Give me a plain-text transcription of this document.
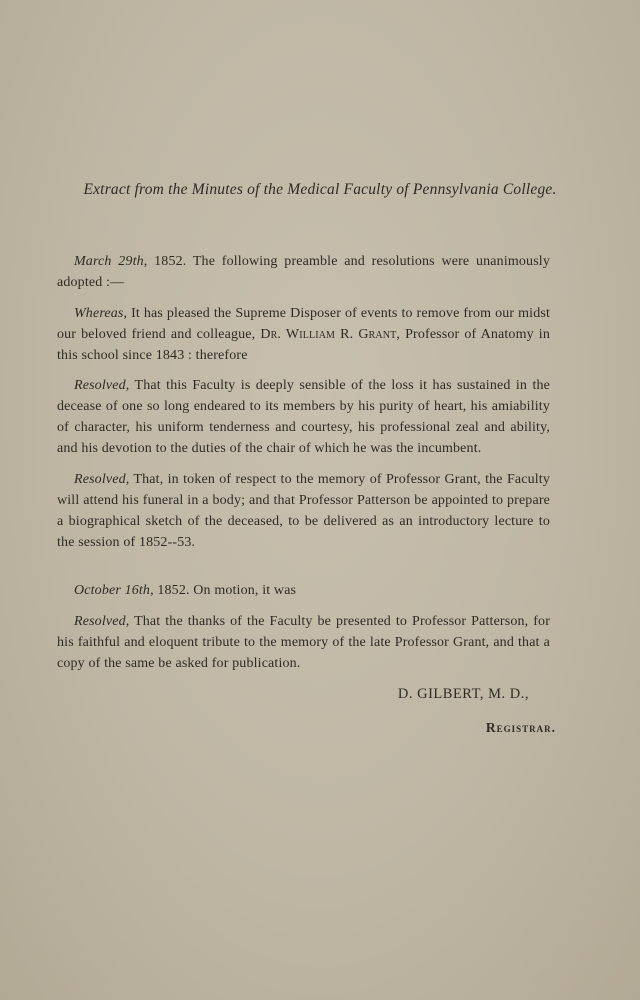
Extract from the Minutes of the Medical Faculty of Pennsylvania College.
March 29th, 1852. The following preamble and resolutions were unanimously adopted :—
Whereas, It has pleased the Supreme Disposer of events to remove from our midst our beloved friend and colleague, Dr. William R. Grant, Professor of Anatomy in this school since 1843 : therefore
Resolved, That this Faculty is deeply sensible of the loss it has sustained in the decease of one so long endeared to its members by his purity of heart, his amiability of character, his uniform tenderness and courtesy, his professional zeal and ability, and his devotion to the duties of the chair of which he was the incumbent.
Resolved, That, in token of respect to the memory of Professor Grant, the Faculty will attend his funeral in a body; and that Professor Patterson be appointed to prepare a biographical sketch of the deceased, to be delivered as an introductory lecture to the session of 1852--53.
October 16th, 1852. On motion, it was
Resolved, That the thanks of the Faculty be presented to Professor Patterson, for his faithful and eloquent tribute to the memory of the late Professor Grant, and that a copy of the same be asked for publication.
D. GILBERT, M. D.,
Registrar.
